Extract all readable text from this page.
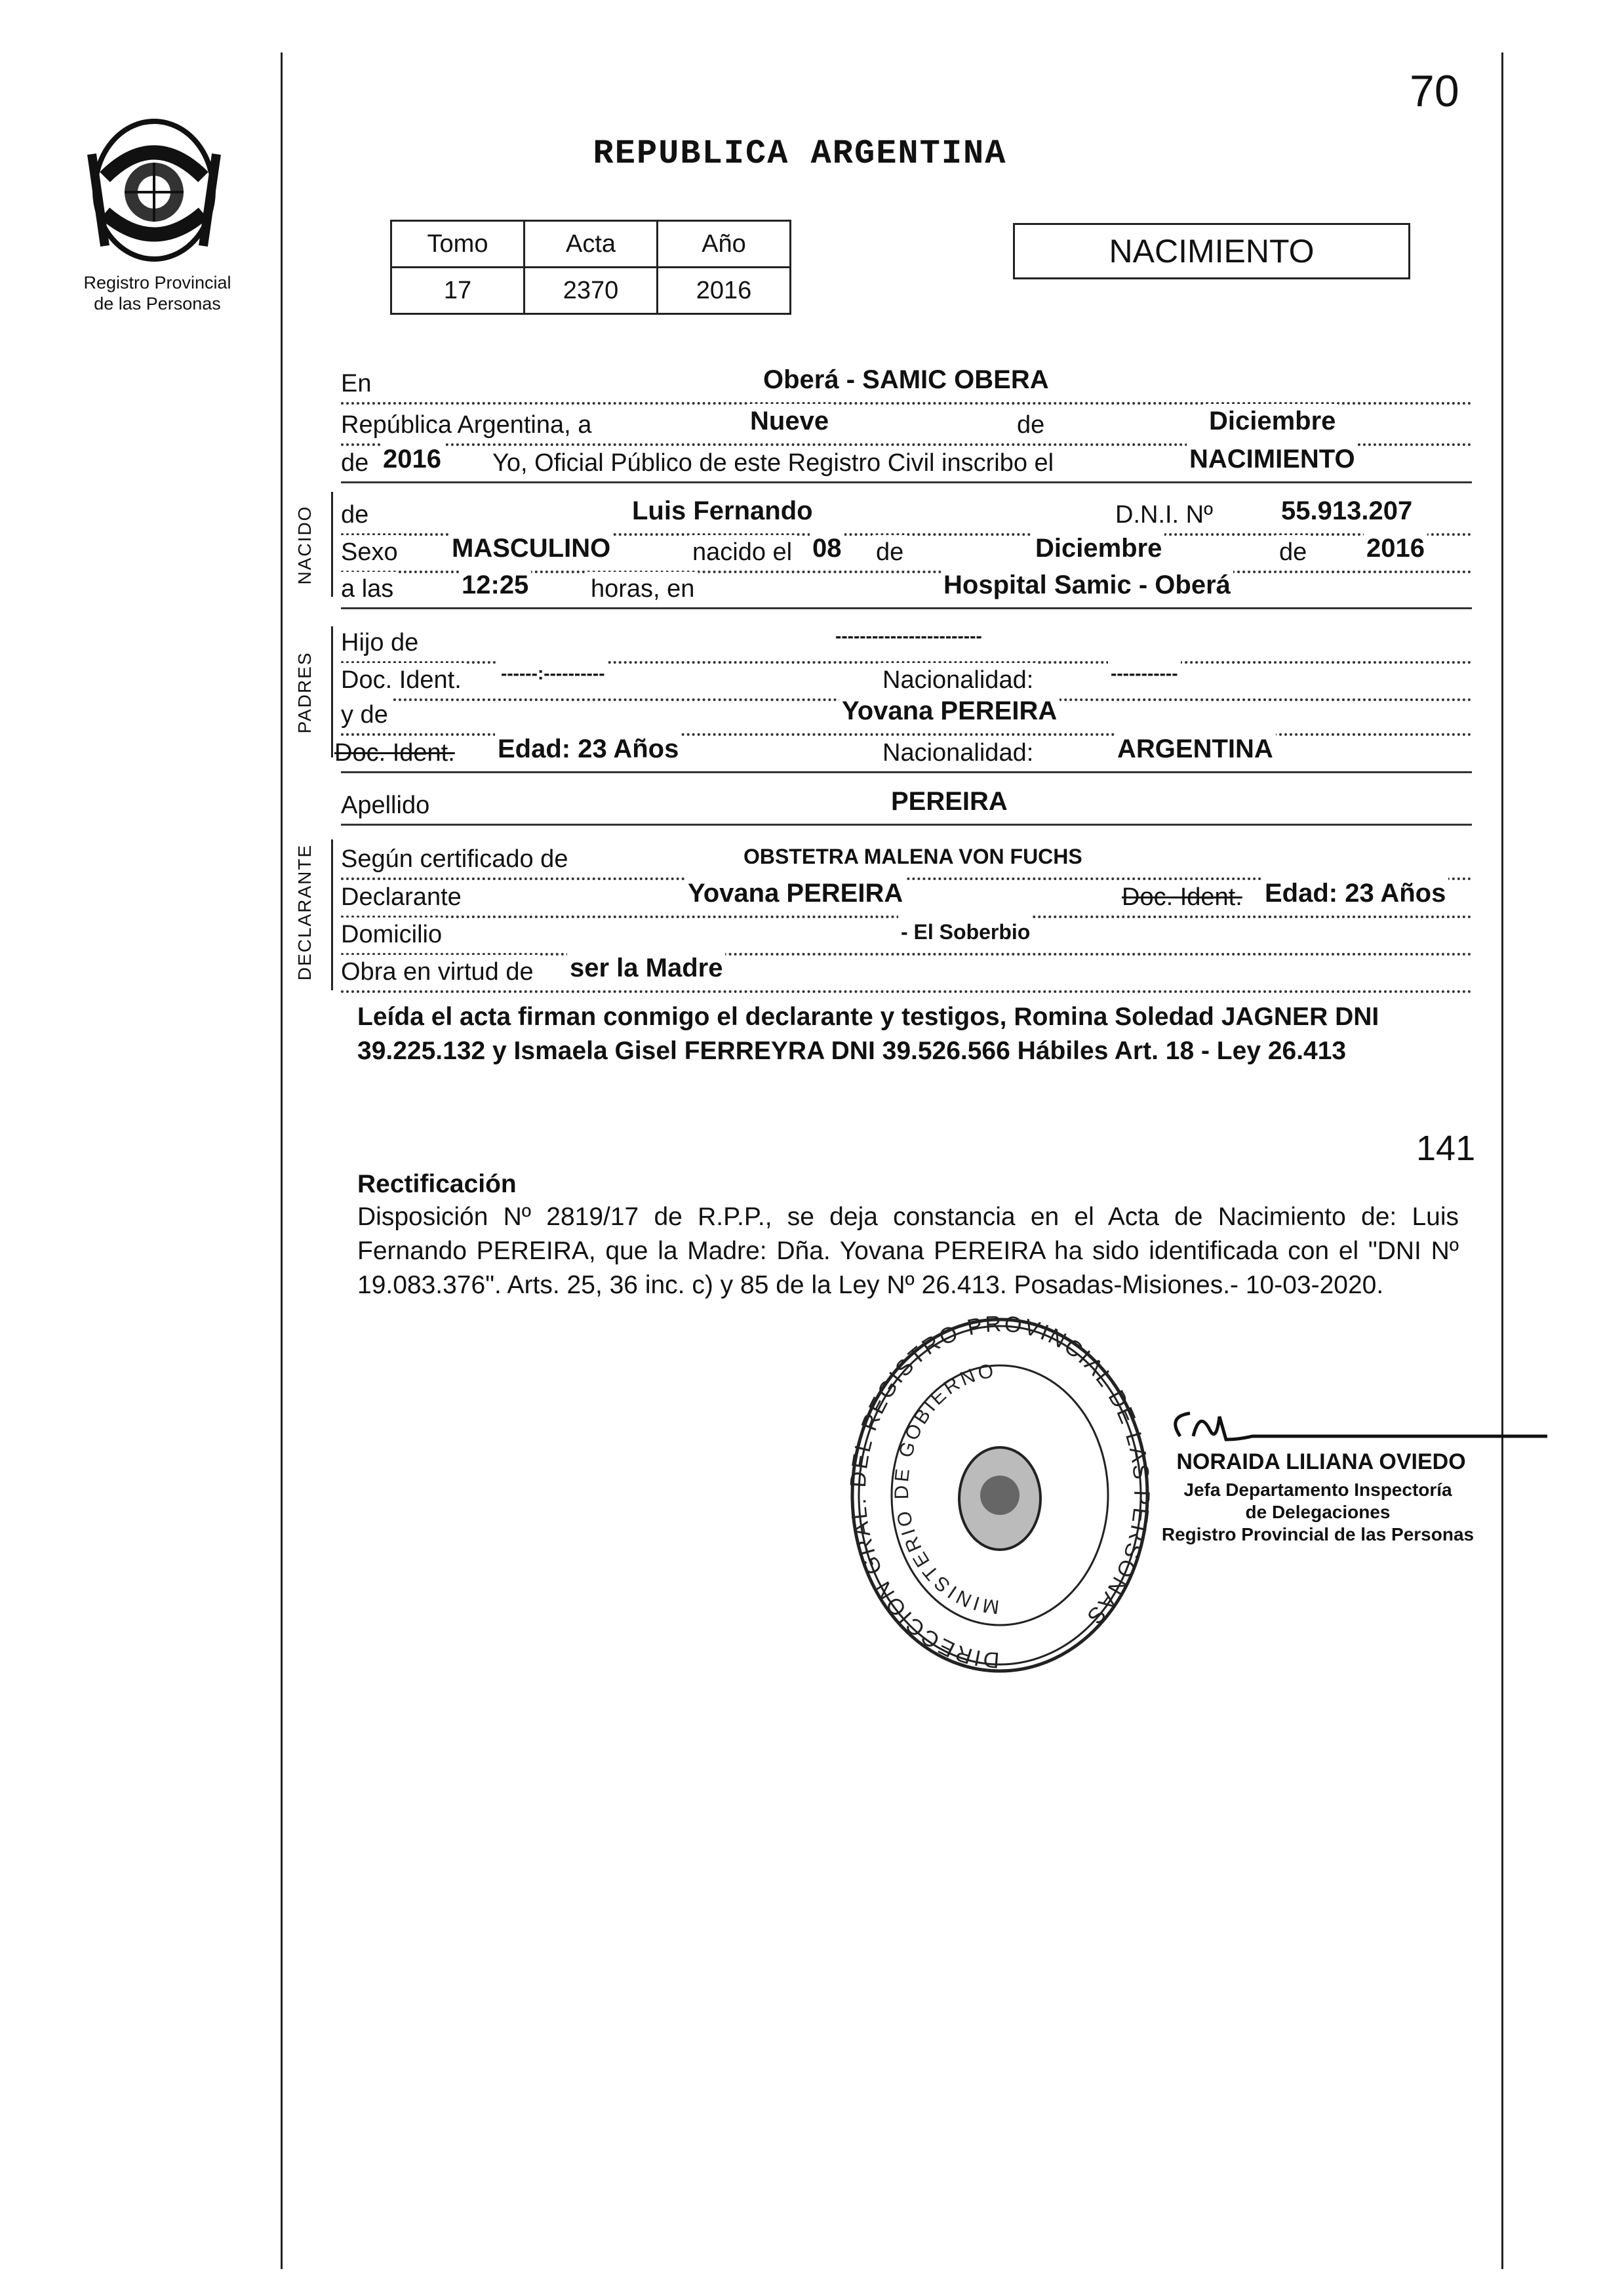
Registro Provincial
de las Personas
70
REPUBLICA ARGENTINA
Tomo	Acta	Año
17	2370	2016
NACIMIENTO
NACIDO
PADRES
DECLARANTE
En	Oberá - SAMIC OBERA
República Argentina, a	Nueve	de	Diciembre
de 2016 Yo, Oficial Público de este Registro Civil inscribo el	NACIMIENTO
de	Luis Fernando	D.N.I. Nº	55.913.207
Sexo MASCULINO	nacido el 08 de	Diciembre	de 2016
a las	12:25 horas, en	Hospital Samic - Oberá
Hijo de	------------------------
Doc. Ident. ------:----------	Nacionalidad:	-----------
y de	Yovana PEREIRA
Doc. Ident. Edad: 23 Años	Nacionalidad:	ARGENTINA
Apellido	PEREIRA
Según certificado de	OBSTETRA MALENA VON FUCHS
Declarante	Yovana PEREIRA	Doc. Ident. Edad: 23 Años
Domicilio	- El Soberbio
Obra en virtud de ser la Madre
Leída el acta firman conmigo el declarante y testigos, Romina Soledad JAGNER DNI 39.225.132 y Ismaela Gisel FERREYRA DNI 39.526.566 Hábiles Art. 18 - Ley 26.413
141
Rectificación
Disposición Nº 2819/17 de R.P.P., se deja constancia en el Acta de Nacimiento de: Luis Fernando PEREIRA, que la Madre: Dña. Yovana PEREIRA ha sido identificada con el "DNI Nº 19.083.376". Arts. 25, 36 inc. c) y 85 de la Ley Nº 26.413. Posadas-Misiones.- 10-03-2020.
DIRECCION GRAL. DEL REGISTRO PROVINCIAL DE LAS PERSONAS
MINISTERIO DE GOBIERNO
NORAIDA LILIANA OVIEDO
Jefa Departamento Inspectoría
de Delegaciones
Registro Provincial de las Personas
